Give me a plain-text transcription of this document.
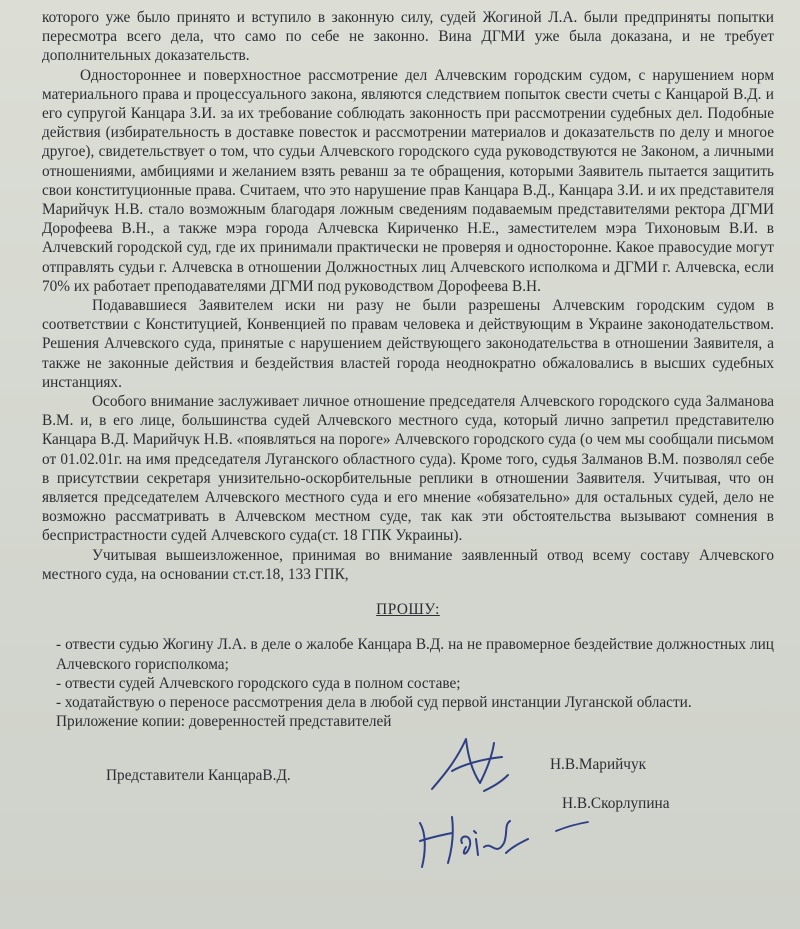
которого уже было принято и вступило в законную силу, судей Жогиной Л.А. были предприняты попытки пересмотра всего дела, что само по себе не законно. Вина ДГМИ уже была доказана, и не требует дополнительных доказательств.

Одностороннее и поверхностное рассмотрение дел Алчевским городским судом, с нарушением норм материального права и процессуального закона, являются следствием попыток свести счеты с Канцарой В.Д. и его супругой Канцара З.И. за их требование соблюдать законность при рассмотрении судебных дел. Подобные действия (избирательность в доставке повесток и рассмотрении материалов и доказательств по делу и многое другое), свидетельствует о том, что судьи Алчевского городского суда руководствуются не Законом, а личными отношениями, амбициями и желанием взять реванш за те обращения, которыми Заявитель пытается защитить свои конституционные права. Считаем, что это нарушение прав Канцара В.Д., Канцара З.И. и их представителя Марийчук Н.В. стало возможным благодаря ложным сведениям подаваемым представителями ректора ДГМИ Дорофеева В.Н., а также мэра города Алчевска Кириченко Н.Е., заместителем мэра Тихоновым В.И. в Алчевский городской суд, где их принимали практически не проверяя и односторонне. Какое правосудие могут отправлять судьи г. Алчевска в отношении Должностных лиц Алчевского исполкома и ДГМИ г. Алчевска, если 70% их работает преподавателями ДГМИ под руководством Дорофеева В.Н.

Подававшиеся Заявителем иски ни разу не были разрешены Алчевским городским судом в соответствии с Конституцией, Конвенцией по правам человека и действующим в Украине законодательством. Решения Алчевского суда, принятые с нарушением действующего законодательства в отношении Заявителя, а также не законные действия и бездействия властей города неоднократно обжаловались в высших судебных инстанциях.

Особого внимание заслуживает личное отношение председателя Алчевского городского суда Залманова В.М. и, в его лице, большинства судей Алчевского местного суда, который лично запретил представителю Канцара В.Д. Марийчук Н.В. «появляться на пороге» Алчевского городского суда (о чем мы сообщали письмом от 01.02.01г. на имя председателя Луганского областного суда). Кроме того, судья Залманов В.М. позволял себе в присутствии секретаря унизительно-оскорбительные реплики в отношении Заявителя. Учитывая, что он является председателем Алчевского местного суда и его мнение «обязательно» для остальных судей, дело не возможно рассматривать в Алчевском местном суде, так как эти обстоятельства вызывают сомнения в беспристрастности судей Алчевского суда(ст. 18 ГПК Украины).

Учитывая вышеизложенное, принимая во внимание заявленный отвод всему составу Алчевского местного суда, на основании ст.ст.18, 133 ГПК,

ПРОШУ:

- отвести судью Жогину Л.А. в деле о жалобе Канцара В.Д. на не правомерное бездействие должностных лиц Алчевского горисполкома;

- отвести судей Алчевского городского суда в полном составе;

- ходатайствую о переносе рассмотрения дела в любой суд первой инстанции Луганской области.

Приложение копии: доверенностей представителей

Представители КанцараВ.Д.
Н.В.Марийчук
Н.В.Скорлупина
